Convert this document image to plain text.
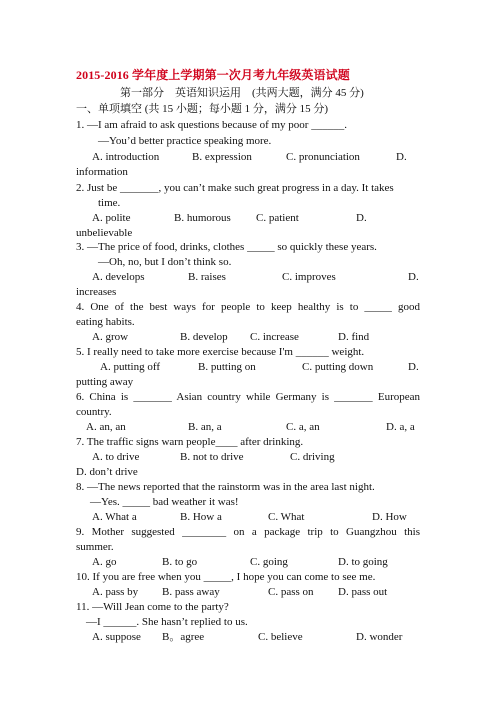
2015-2016 学年度上学期第一次月考九年级英语试题
第一部分　英语知识运用　(共两大题，满分 45 分)
一、单项填空 (共 15 小题；每小题 1 分，满分 15 分)
1. —I am afraid to ask questions because of my poor ______.
—You’d better practice speaking more.
A. introduction	B. expression	C. pronunciation	D.
information
2. Just be _______, you can’t make such great progress in a day. It takes
time.
A. polite	B. humorous C. patient	D.
unbelievable
3. —The price of food, drinks, clothes _____ so quickly these years.
—Oh, no, but I don’t think so.
A. develops	B. raises	C. improves	D.
increases
4. One of the best ways for people to keep healthy is to _____ good
eating habits.
A. grow	B. develop C. increase	D. find
5. I really need to take more exercise because I'm ______ weight.
A. putting off	B. putting on	C. putting down	D.
putting away
6. China is _______ Asian country while Germany is _______ European
country.
A. an, an	B. an, a	C. a, an	D. a, a
7. The traffic signs warn people____ after drinking.
A. to drive	B. not to drive	C. driving
D. don’t drive
8. —The news reported that the rainstorm was in the area last night.
—Yes. _____ bad weather it was!
A. What a	B. How a	C. What	D. How
9. Mother suggested ________ on a package trip to Guangzhou this
summer.
A. go	B. to go	C. going	D. to going
10. If you are free when you _____, I hope you can come to see me.
A. pass by B. pass away	C. pass on D. pass out
11. —Will Jean come to the party?
—I ______. She hasn’t replied to us.
A. suppose B。agree	C. believe	D. wonder
